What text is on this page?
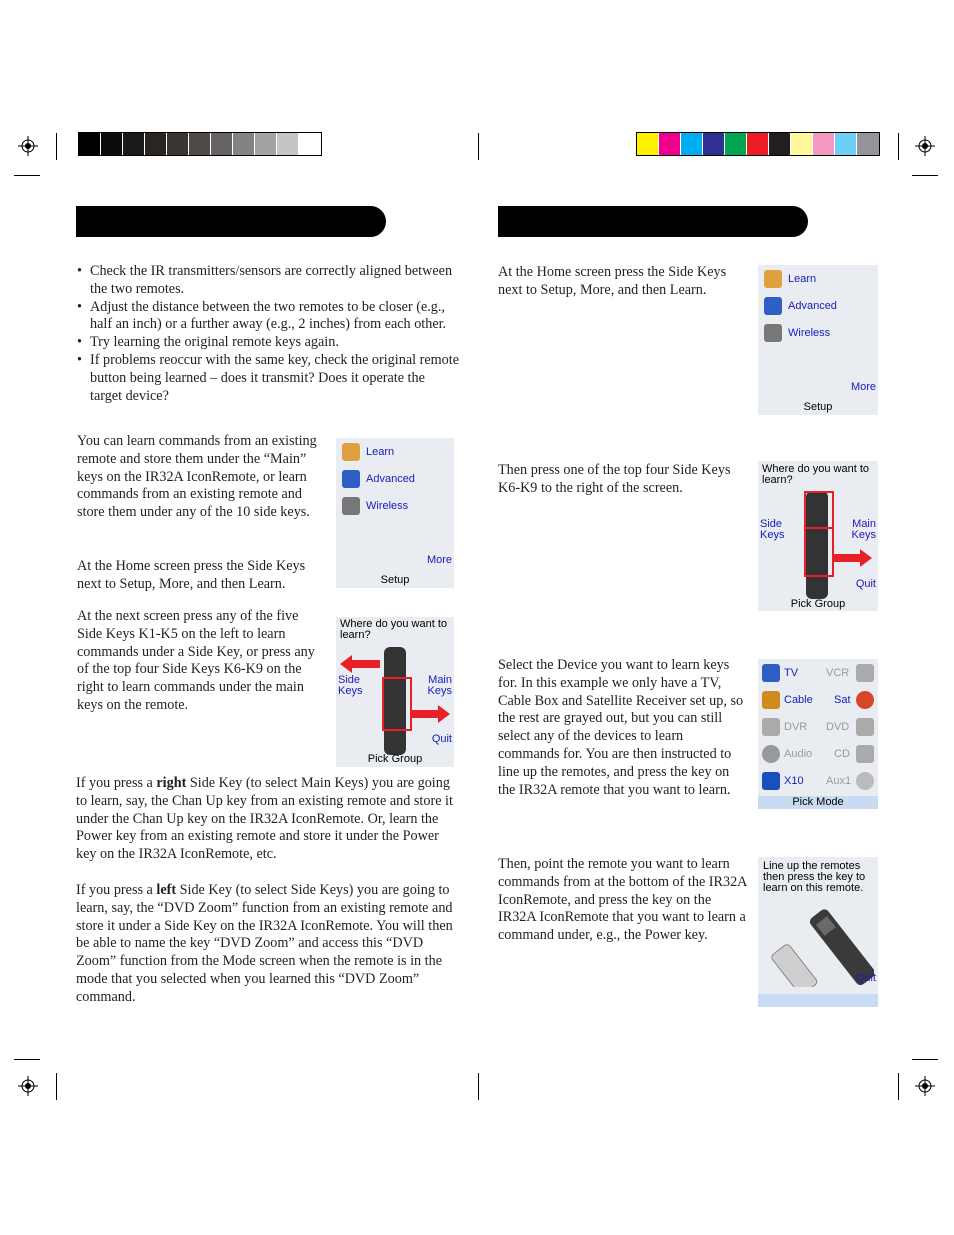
• Check the IR transmitters/sensors are correctly aligned between the two remotes.
• Adjust the distance between the two remotes to be closer (e.g., half an inch) or a further away (e.g., 2 inches) from each other.
• Try learning the original remote keys again.
• If problems reoccur with the same key, check the original remote button being learned – does it transmit? Does it operate the target device?

You can learn commands from an existing remote and store them under the “Main” keys on the IR32A IconRemote, or learn commands from an existing remote and store them under any of the 10 side keys.

At the Home screen press the Side Keys next to Setup, More, and then Learn.

At the next screen press any of the five Side Keys K1-K5 on the left to learn commands under a Side Key, or press any of the top four Side Keys K6-K9 on the right to learn commands under the main keys on the remote.

If you press a right Side Key (to select Main Keys) you are going to learn, say, the Chan Up key from an existing remote and store it under the Chan Up key on the IR32A IconRemote. Or, learn the Power key from an existing remote and store it under the Power key on the IR32A IconRemote, etc.

If you press a left Side Key (to select Side Keys) you are going to learn, say, the “DVD Zoom” function from an existing remote and store it under a Side Key on the IR32A IconRemote. You will then be able to name the key “DVD Zoom” and access this “DVD Zoom” function from the Mode screen when the remote is in the mode that you selected when you learned this “DVD Zoom” command.

Learn
Advanced
Wireless
More
Setup
Where do you want to learn?
Side Keys
Main Keys
Quit
Pick Group

At the Home screen press the Side Keys next to Setup, More, and then Learn.

Then press one of the top four Side Keys K6-K9 to the right of the screen.

Select the Device you want to learn keys for. In this example we only have a TV, Cable Box and Satellite Receiver set up, so the rest are grayed out, but you can still select any of the devices to learn commands for. You are then instructed to line up the remotes, and press the key on the IR32A remote that you want to learn.

Then, point the remote you want to learn commands from at the bottom of the IR32A IconRemote, and press the key on the IR32A IconRemote that you want to learn a command under, e.g., the Power key.

Learn
Advanced
Wireless
More
Setup
Where do you want to learn?
Side Keys
Main Keys
Quit
Pick Group
TV	VCR
Cable Sat
DVR DVD
Audio CD
X10 Aux1
Pick Mode
Line up the remotes then press the key to learn on this remote.
Quit
